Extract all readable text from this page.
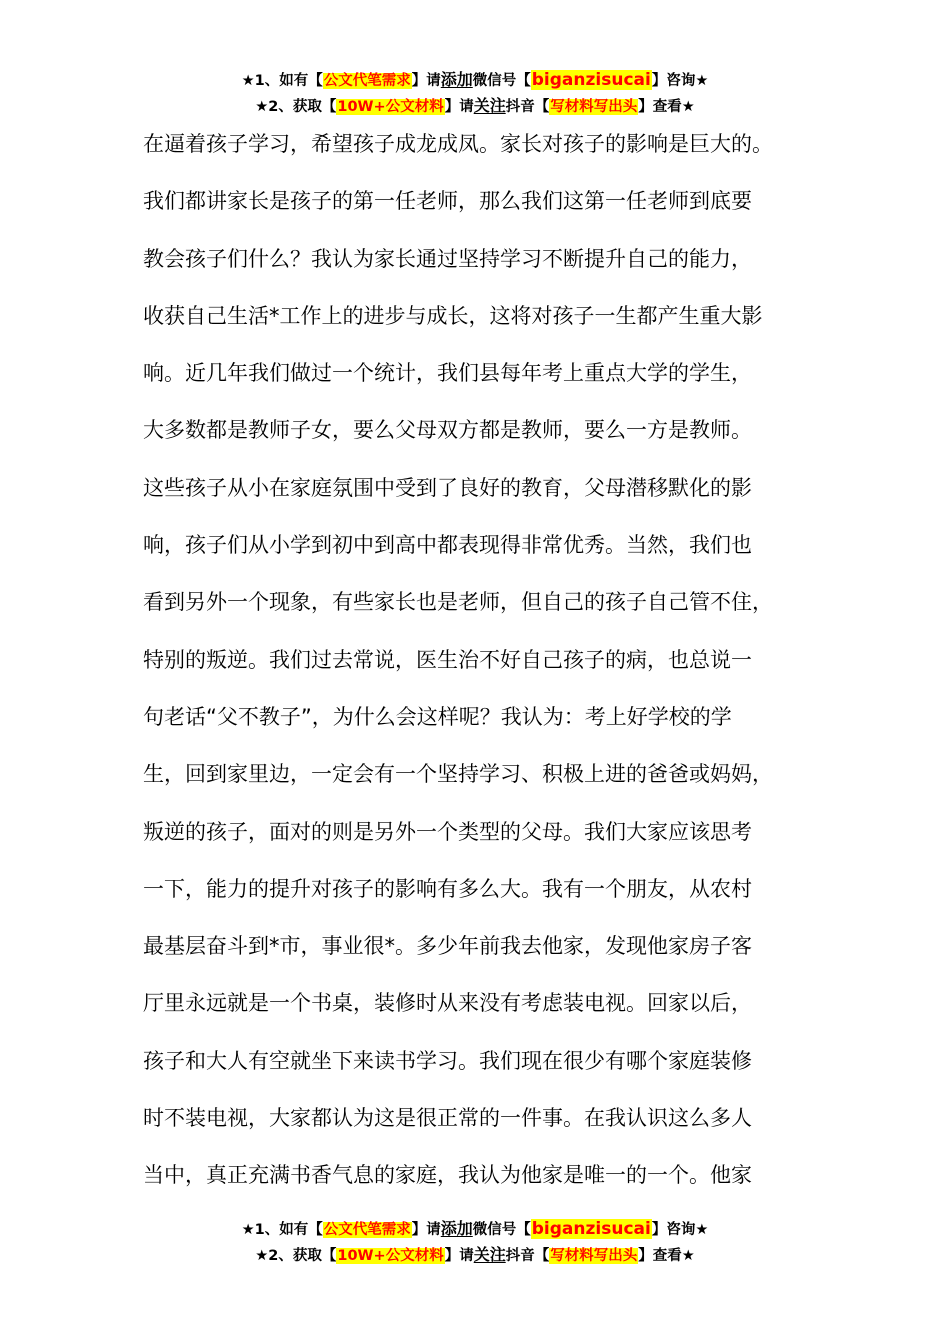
★1、如有【公文代笔需求】请添加微信号【biganzisucai】咨询★
★2、获取【10W+公文材料】请关注抖音【写材料写出头】查看★
在逼着孩子学习，希望孩子成龙成凤。家长对孩子的影响是巨大的。
我们都讲家长是孩子的第一任老师，那么我们这第一任老师到底要
教会孩子们什么？我认为家长通过坚持学习不断提升自己的能力，
收获自己生活*工作上的进步与成长，这将对孩子一生都产生重大影
响。近几年我们做过一个统计，我们县每年考上重点大学的学生，
大多数都是教师子女，要么父母双方都是教师，要么一方是教师。
这些孩子从小在家庭氛围中受到了良好的教育，父母潜移默化的影
响，孩子们从小学到初中到高中都表现得非常优秀。当然，我们也
看到另外一个现象，有些家长也是老师，但自己的孩子自己管不住，
特别的叛逆。我们过去常说，医生治不好自己孩子的病，也总说一
句老话“父不教子”，为什么会这样呢？我认为：考上好学校的学
生，回到家里边，一定会有一个坚持学习、积极上进的爸爸或妈妈，
叛逆的孩子，面对的则是另外一个类型的父母。我们大家应该思考
一下，能力的提升对孩子的影响有多么大。我有一个朋友，从农村
最基层奋斗到*市，事业很*。多少年前我去他家，发现他家房子客
厅里永远就是一个书桌，装修时从来没有考虑装电视。回家以后，
孩子和大人有空就坐下来读书学习。我们现在很少有哪个家庭装修
时不装电视，大家都认为这是很正常的一件事。在我认识这么多人
当中，真正充满书香气息的家庭，我认为他家是唯一的一个。他家
★1、如有【公文代笔需求】请添加微信号【biganzisucai】咨询★
★2、获取【10W+公文材料】请关注抖音【写材料写出头】查看★
